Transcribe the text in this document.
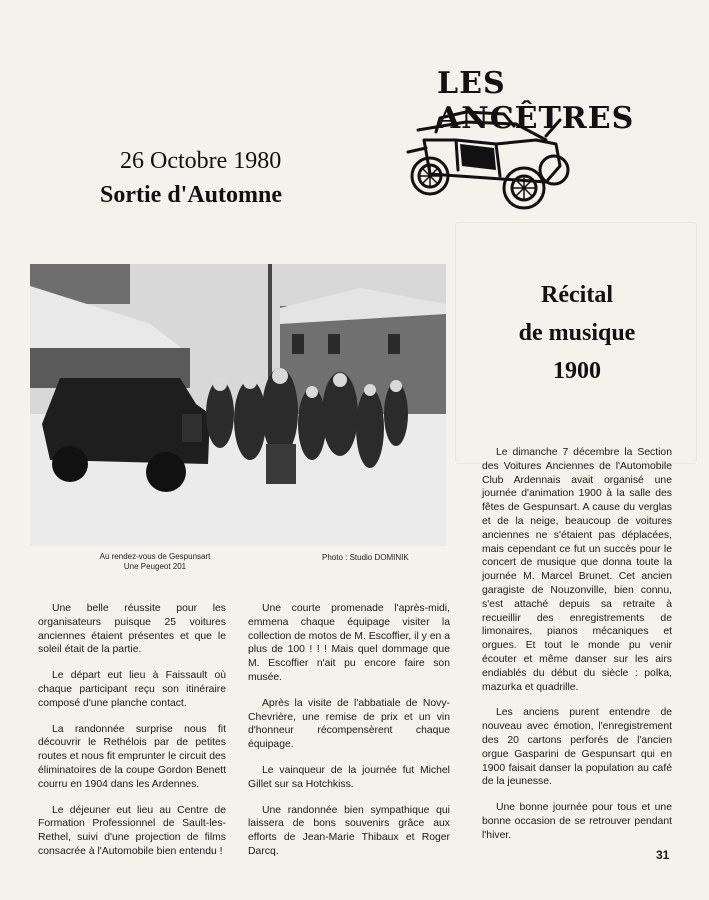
LES ANCÊTRES
26 Octobre 1980
Sortie d'Automne
Au rendez-vous de Gespunsart
Une Peugeot 201
Photo : Studio DOMINIK

Une belle réussite pour les organisateurs puisque 25 voitures anciennes étaient présentes et que le soleil était de la partie.

Le départ eut lieu à Faissault où chaque participant reçu son itinéraire composé d'une planche contact.

La randonnée surprise nous fit découvrir le Rethélois par de petites routes et nous fit emprunter le circuit des éliminatoires de la coupe Gordon Benett courru en 1904 dans les Ardennes.

Le déjeuner eut lieu au Centre de Formation Professionnel de Sault-les-Rethel, suivi d'une projection de films consacrée à l'Automobile bien entendu !

Une courte promenade l'après-midi, emmena chaque équipage visiter la collection de motos de M. Escoffier, il y en a plus de 100 ! ! ! Mais quel dommage que M. Escoffier n'ait pu encore faire son musée.

Après la visite de l'abbatiale de Novy-Chevrière, une remise de prix et un vin d'honneur récompensèrent chaque équipage.

Le vainqueur de la journée fut Michel Gillet sur sa Hotchkiss.

Une randonnée bien sympathique qui laissera de bons souvenirs grâce aux efforts de Jean-Marie Thibaux et Roger Darcq.

Récital
de musique
1900

Le dimanche 7 décembre la Section des Voitures Anciennes de l'Automobile Club Ardennais avait organisé une journée d'animation 1900 à la salle des fêtes de Gespunsart. A cause du verglas et de la neige, beaucoup de voitures anciennes ne s'étaient pas déplacées, mais cependant ce fut un succès pour le concert de musique que donna toute la journée M. Marcel Brunet. Cet ancien garagiste de Nouzonville, bien connu, s'est attaché depuis sa retraite à recueillir des enregistrements de limonaires, pianos mécaniques et orgues. Et tout le monde pu venir écouter et même danser sur les airs endiablés du début du siècle : polka, mazurka et quadrille.

Les anciens purent entendre de nouveau avec émotion, l'enregistrement des 20 cartons perforés de l'ancien orgue Gasparini de Gespunsart qui en 1900 faisait danser la population au café de la jeunesse.

Une bonne journée pour tous et une bonne occasion de se retrouver pendant l'hiver.

31
